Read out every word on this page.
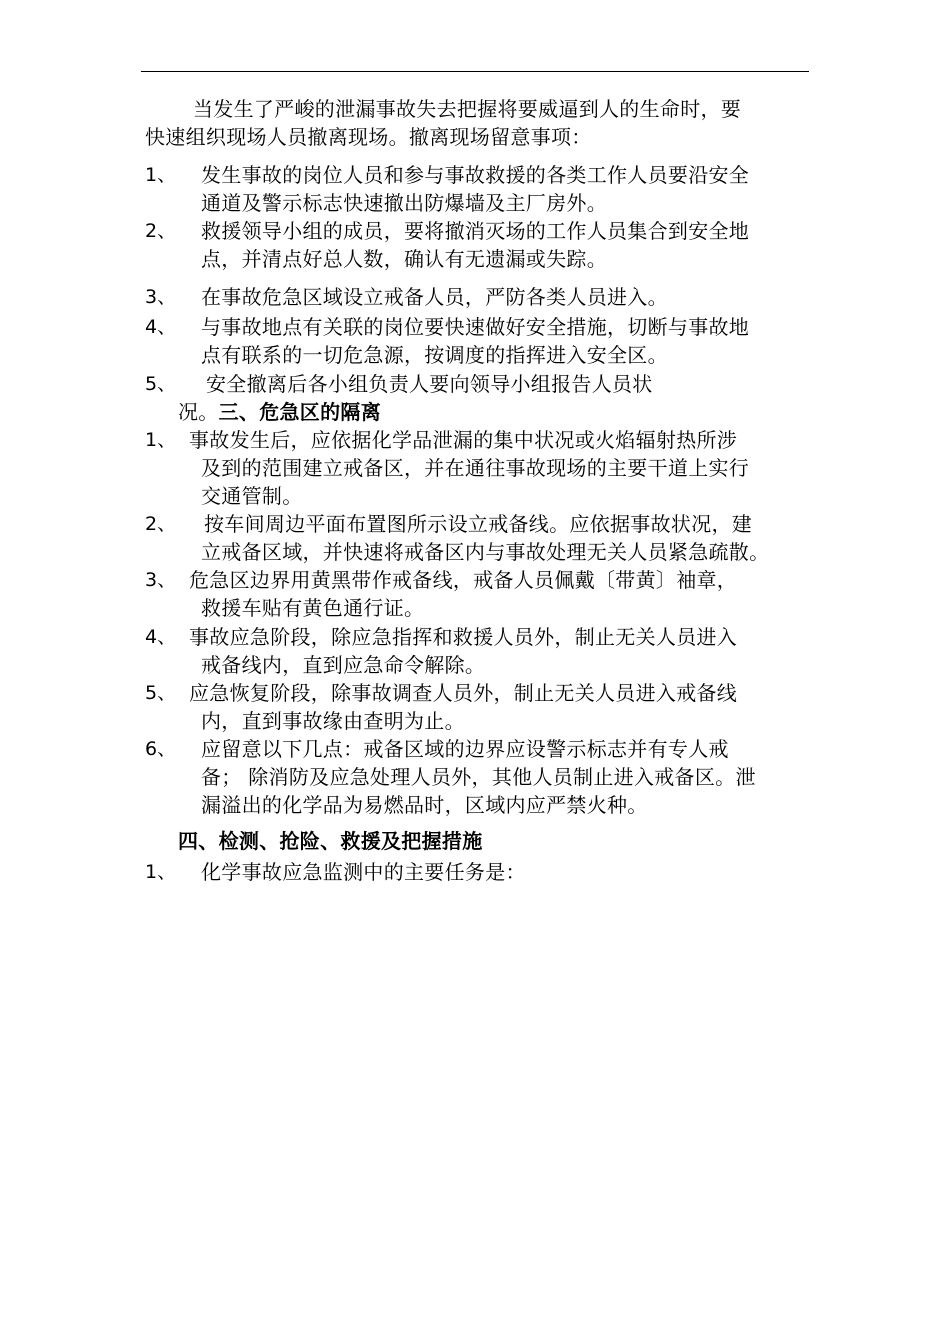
当发生了严峻的泄漏事故失去把握将要威逼到人的生命时，要
快速组织现场人员撤离现场。撤离现场留意事项：
1、 发生事故的岗位人员和参与事故救援的各类工作人员要沿安全
通道及警示标志快速撤出防爆墙及主厂房外。
2、 救援领导小组的成员，要将撤消灭场的工作人员集合到安全地
点，并清点好总人数，确认有无遗漏或失踪。
3、 在事故危急区域设立戒备人员，严防各类人员进入。
4、 与事故地点有关联的岗位要快速做好安全措施，切断与事故地
点有联系的一切危急源，按调度的指挥进入安全区。
5、 安全撤离后各小组负责人要向领导小组报告人员状
况。三、危急区的隔离
1、 事故发生后，应依据化学品泄漏的集中状况或火焰辐射热所涉
及到的范围建立戒备区，并在通往事故现场的主要干道上实行
交通管制。
2、 按车间周边平面布置图所示设立戒备线。应依据事故状况，建
立戒备区域，并快速将戒备区内与事故处理无关人员紧急疏散。
3、 危急区边界用黄黑带作戒备线，戒备人员佩戴〔带黄〕袖章，
救援车贴有黄色通行证。
4、 事故应急阶段，除应急指挥和救援人员外，制止无关人员进入
戒备线内，直到应急命令解除。
5、 应急恢复阶段，除事故调查人员外，制止无关人员进入戒备线
内，直到事故缘由查明为止。
6、 应留意以下几点：戒备区域的边界应设警示标志并有专人戒
备； 除消防及应急处理人员外，其他人员制止进入戒备区。泄
漏溢出的化学品为易燃品时，区域内应严禁火种。
四、检测、抢险、救援及把握措施
1、 化学事故应急监测中的主要任务是：
